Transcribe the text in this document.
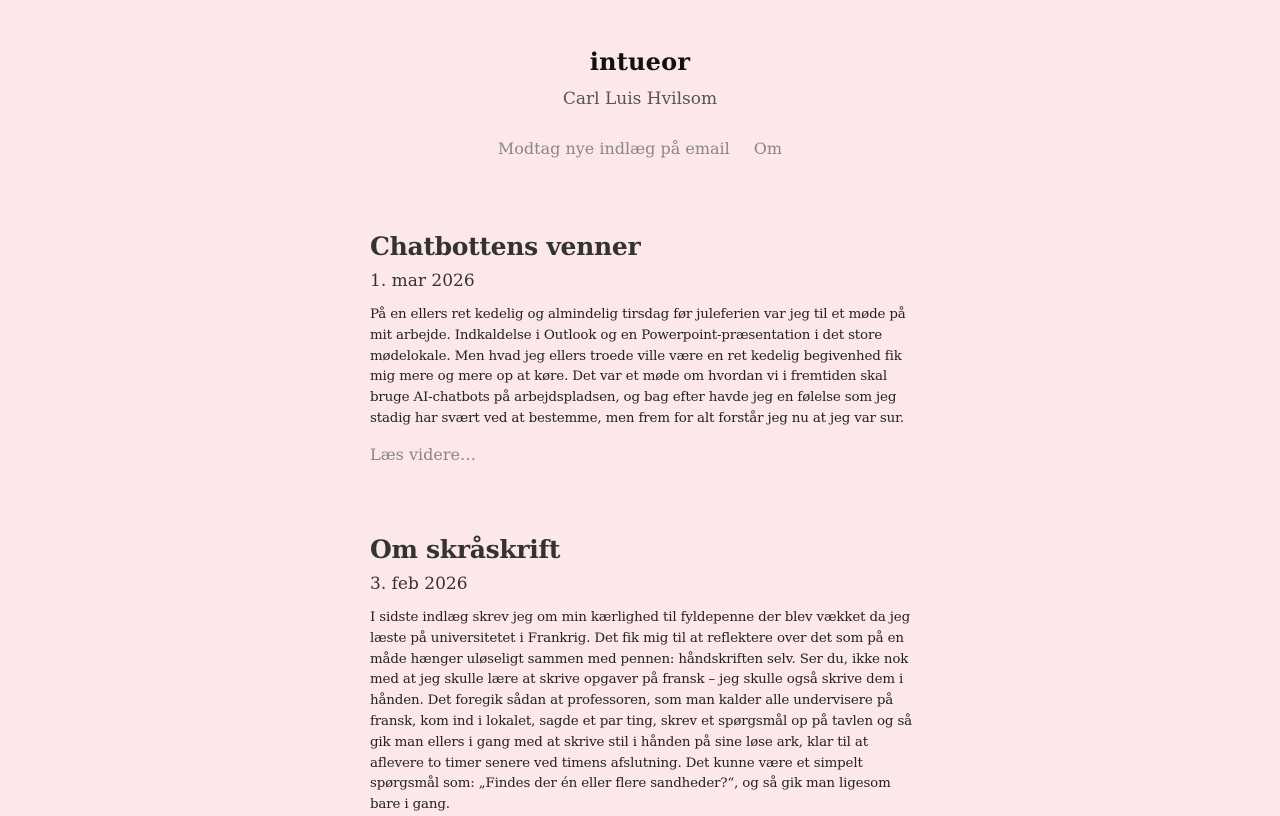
intueor

Carl Luis Hvilsom

Modtag nye indlæg på email Om
Chatbottens venner

1. mar 2026

På en ellers ret kedelig og almindelig tirsdag før juleferien var jeg til et møde på mit arbejde. Indkaldelse i Outlook og en Powerpoint-præsentation i det store mødelokale. Men hvad jeg ellers troede ville være en ret kedelig begivenhed fik mig mere og mere op at køre. Det var et møde om hvordan vi i fremtiden skal bruge AI-chatbots på arbejdspladsen, og bag efter havde jeg en følelse som jeg stadig har svært ved at bestemme, men frem for alt forstår jeg nu at jeg var sur.

Læs videre…
Om skråskrift

3. feb 2026

I sidste indlæg skrev jeg om min kærlighed til fyldepenne der blev vækket da jeg læste på universitetet i Frankrig. Det fik mig til at reflektere over det som på en måde hænger uløseligt sammen med pennen: håndskriften selv. Ser du, ikke nok med at jeg skulle lære at skrive opgaver på fransk – jeg skulle også skrive dem i hånden. Det foregik sådan at professoren, som man kalder alle undervisere på fransk, kom ind i lokalet, sagde et par ting, skrev et spørgsmål op på tavlen og så gik man ellers i gang med at skrive stil i hånden på sine løse ark, klar til at aflevere to timer senere ved timens afslutning. Det kunne være et simpelt spørgsmål som: „Findes der én eller flere sandheder?“, og så gik man ligesom bare i gang.
